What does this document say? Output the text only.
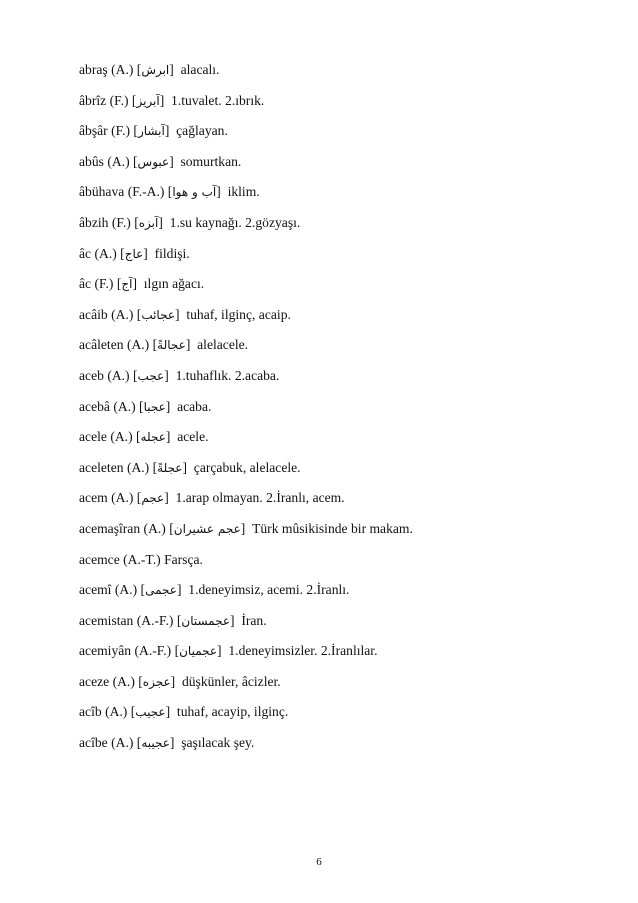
abraş (A.) [ابرش]  alacalı.
âbrîz (F.) [آبریز]  1.tuvalet. 2.ıbrık.
âbşâr (F.) [آبشار]  çağlayan.
abûs (A.) [عبوس]  somurtkan.
âbühava (F.-A.) [آب و هوا]  iklim.
âbzih (F.) [آبزه]  1.su kaynağı. 2.gözyaşı.
âc (A.) [عاج]  fildişi.
âc (F.) [آج]  ılgın ağacı.
acâib (A.) [عجائب]  tuhaf, ilginç, acaip.
acâleten (A.) [عجالةً]  alelacele.
aceb (A.) [عجب]  1.tuhaflık. 2.acaba.
acebâ (A.) [عجبا]  acaba.
acele (A.) [عجله]  acele.
aceleten (A.) [عجلةً]  çarçabuk, alelacele.
acem (A.) [عجم]  1.arap olmayan. 2.İranlı, acem.
acemaşîran (A.) [عجم عشیران]  Türk mûsikisinde bir makam.
acemce (A.-T.) Farsça.
acemî (A.) [عجمی]  1.deneyimsiz, acemi. 2.İranlı.
acemistan (A.-F.) [عجمستان]  İran.
acemiyân (A.-F.) [عجمیان]  1.deneyimsizler. 2.İranlılar.
aceze (A.) [عجزه]  düşkünler, âcizler.
acîb (A.) [عجیب]  tuhaf, acayip, ilginç.
acîbe (A.) [عجیبه]  şaşılacak şey.
6
